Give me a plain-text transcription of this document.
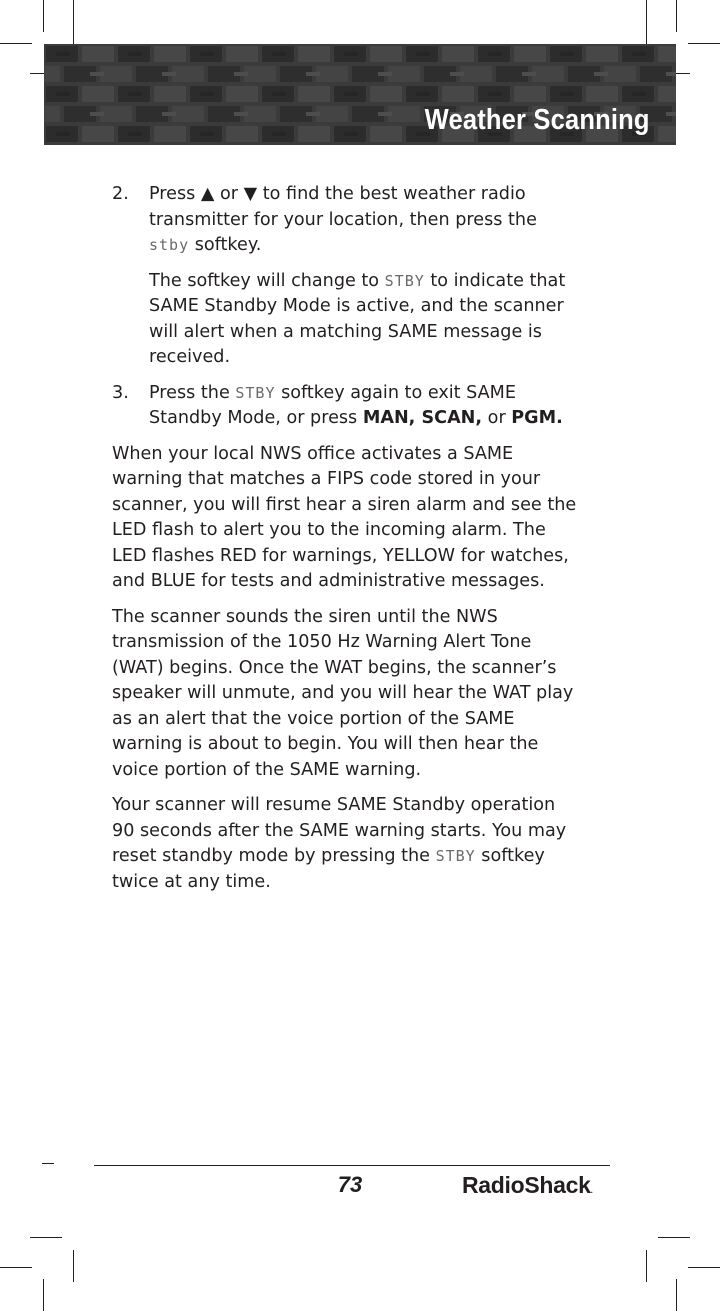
Weather Scanning
2. Press ▲ or ▼ to find the best weather radio transmitter for your location, then press the stby softkey.

The softkey will change to STBY to indicate that SAME Standby Mode is active, and the scanner will alert when a matching SAME message is received.

3. Press the STBY softkey again to exit SAME Standby Mode, or press MAN, SCAN, or PGM.

When your local NWS office activates a SAME warning that matches a FIPS code stored in your scanner, you will first hear a siren alarm and see the LED flash to alert you to the incoming alarm. The LED flashes RED for warnings, YELLOW for watches, and BLUE for tests and administrative messages.

The scanner sounds the siren until the NWS transmission of the 1050 Hz Warning Alert Tone (WAT) begins. Once the WAT begins, the scanner’s speaker will unmute, and you will hear the WAT play as an alert that the voice portion of the SAME warning is about to begin. You will then hear the voice portion of the SAME warning.

Your scanner will resume SAME Standby operation 90 seconds after the SAME warning starts. You may reset standby mode by pressing the STBY softkey twice at any time.

73	RadioShack.
